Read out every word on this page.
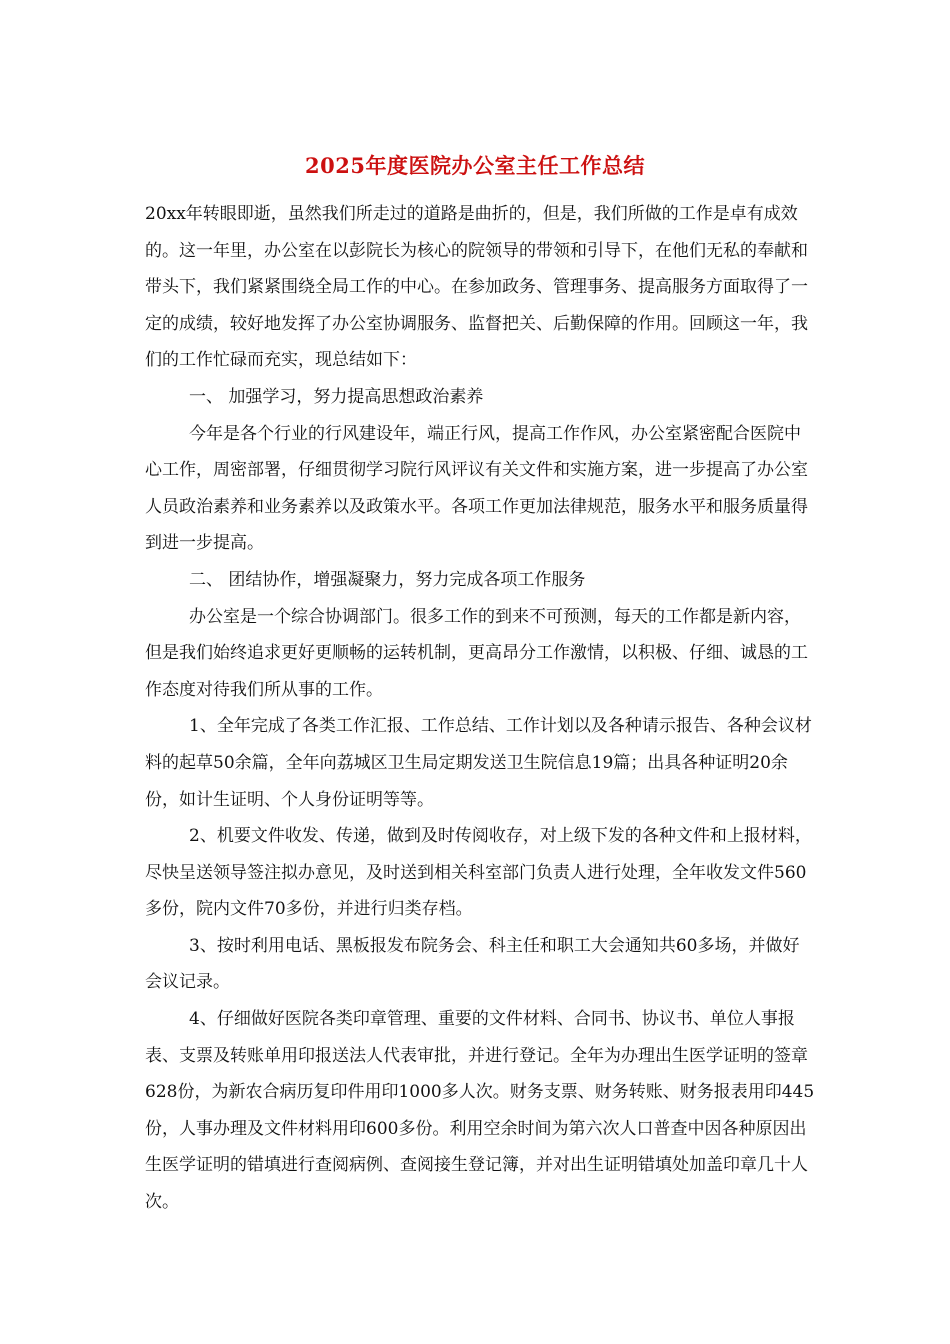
2025年度医院办公室主任工作总结

20xx年转眼即逝，虽然我们所走过的道路是曲折的，但是，我们所做的工作是卓有成效的。这一年里，办公室在以彭院长为核心的院领导的带领和引导下，在他们无私的奉献和带头下，我们紧紧围绕全局工作的中心。在参加政务、管理事务、提高服务方面取得了一定的成绩，较好地发挥了办公室协调服务、监督把关、后勤保障的作用。回顾这一年，我们的工作忙碌而充实，现总结如下：

一、 加强学习，努力提高思想政治素养

今年是各个行业的行风建设年，端正行风，提高工作作风，办公室紧密配合医院中心工作，周密部署，仔细贯彻学习院行风评议有关文件和实施方案，进一步提高了办公室人员政治素养和业务素养以及政策水平。各项工作更加法律规范，服务水平和服务质量得到进一步提高。

二、 团结协作，增强凝聚力，努力完成各项工作服务

办公室是一个综合协调部门。很多工作的到来不可预测，每天的工作都是新内容，但是我们始终追求更好更顺畅的运转机制，更高昂分工作激情，以积极、仔细、诚恳的工作态度对待我们所从事的工作。

1、全年完成了各类工作汇报、工作总结、工作计划以及各种请示报告、各种会议材料的起草50余篇，全年向荔城区卫生局定期发送卫生院信息19篇；出具各种证明20余份，如计生证明、个人身份证明等等。

2、机要文件收发、传递，做到及时传阅收存，对上级下发的各种文件和上报材料，尽快呈送领导签注拟办意见，及时送到相关科室部门负责人进行处理，全年收发文件560多份，院内文件70多份，并进行归类存档。

3、按时利用电话、黑板报发布院务会、科主任和职工大会通知共60多场，并做好会议记录。

4、仔细做好医院各类印章管理、重要的文件材料、合同书、协议书、单位人事报表、支票及转账单用印报送法人代表审批，并进行登记。全年为办理出生医学证明的签章628份，为新农合病历复印件用印1000多人次。财务支票、财务转账、财务报表用印445份，人事办理及文件材料用印600多份。利用空余时间为第六次人口普查中因各种原因出生医学证明的错填进行查阅病例、查阅接生登记簿，并对出生证明错填处加盖印章几十人次。
